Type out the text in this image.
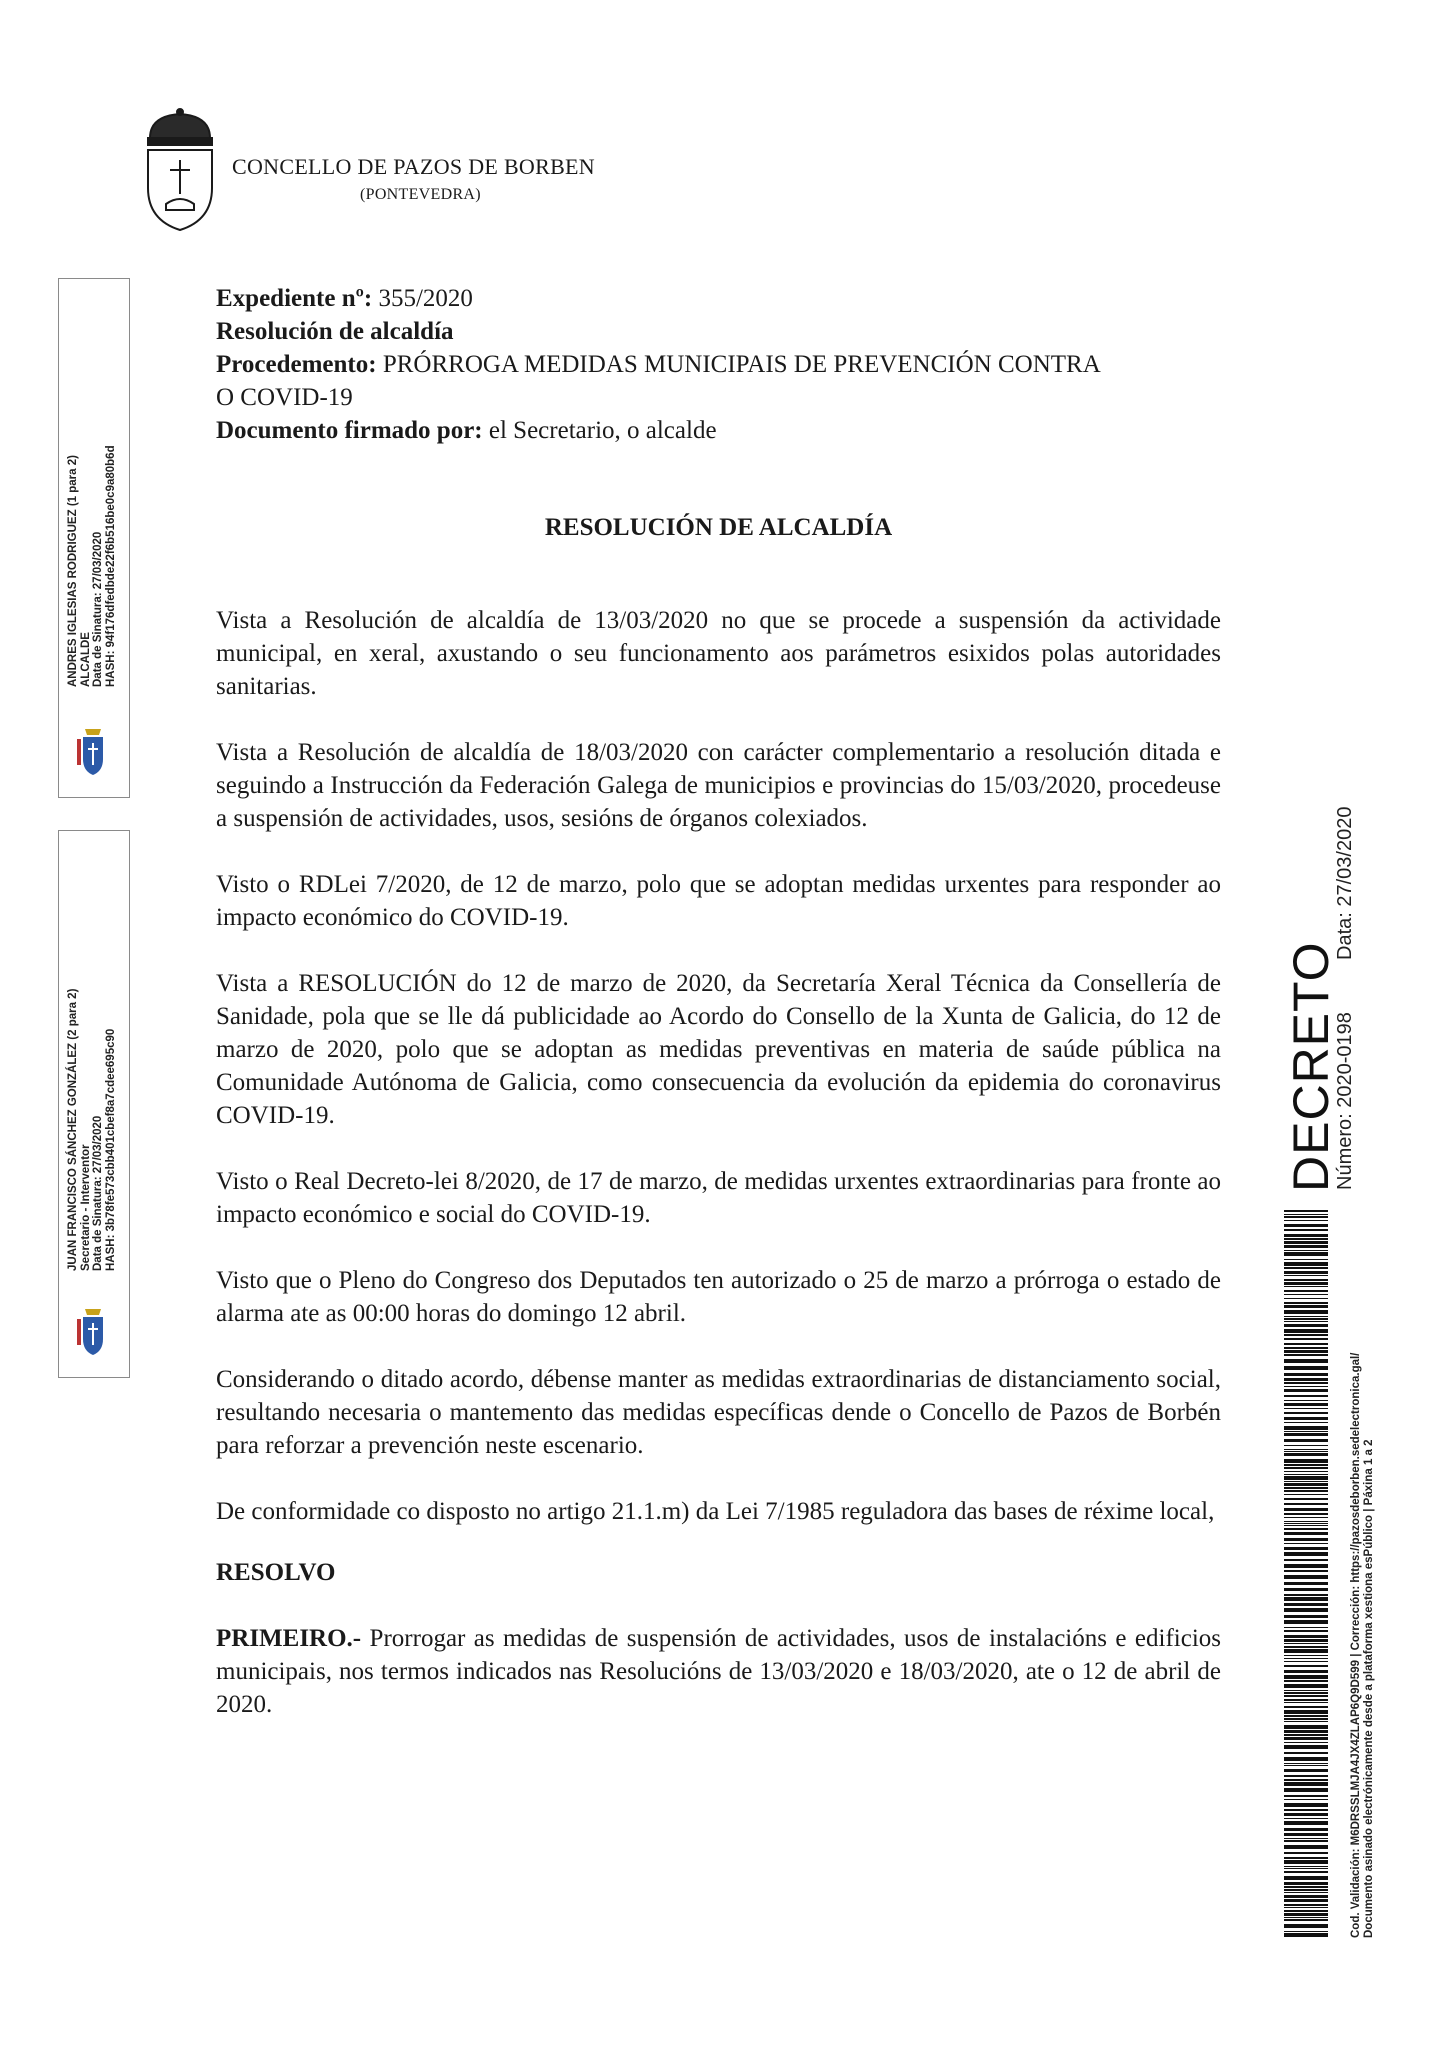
CONCELLO DE PAZOS DE BORBEN
(PONTEVEDRA)
Expediente nº: 355/2020
Resolución de alcaldía
Procedemento: PRÓRROGA MEDIDAS MUNICIPAIS DE PREVENCIÓN CONTRA
O COVID-19
Documento firmado por: el Secretario, o alcalde
RESOLUCIÓN DE ALCALDÍA

Vista a Resolución de alcaldía de 13/03/2020 no que se procede a suspensión da actividade municipal, en xeral, axustando o seu funcionamento aos parámetros esixidos polas autoridades sanitarias.

Vista a Resolución de alcaldía de 18/03/2020 con carácter complementario a resolución ditada e seguindo a Instrucción da Federación Galega de municipios e provincias do 15/03/2020, procedeuse a suspensión de actividades, usos, sesións de órganos colexiados.

Visto o RDLei 7/2020, de 12 de marzo, polo que se adoptan medidas urxentes para responder ao impacto económico do COVID-19.

Vista a RESOLUCIÓN do 12 de marzo de 2020, da Secretaría Xeral Técnica da Consellería de Sanidade, pola que se lle dá publicidade ao Acordo do Consello de la Xunta de Galicia, do 12 de marzo de 2020, polo que se adoptan as medidas preventivas en materia de saúde pública na Comunidade Autónoma de Galicia, como consecuencia da evolución da epidemia do coronavirus COVID-19.

Visto o Real Decreto-lei 8/2020, de 17 de marzo, de medidas urxentes extraordinarias para fronte ao impacto económico e social do COVID-19.

Visto que o Pleno do Congreso dos Deputados ten autorizado o 25 de marzo a prórroga o estado de alarma ate as 00:00 horas do domingo 12 abril.

Considerando o ditado acordo, débense manter as medidas extraordinarias de distanciamento social, resultando necesaria o mantemento das medidas específicas dende o Concello de Pazos de Borbén para reforzar a prevención neste escenario.

De conformidade co disposto no artigo 21.1.m) da Lei 7/1985 reguladora das bases de réxime local,

RESOLVO

PRIMEIRO.- Prorrogar as medidas de suspensión de actividades, usos de instalacións e edificios municipais, nos termos indicados nas Resolucións de 13/03/2020 e 18/03/2020, ate o 12 de abril de 2020.

ANDRES IGLESIAS RODRIGUEZ (1 para 2) ALCALDE Data de Sinatura: 27/03/2020 HASH: 94f176dfedbde22f6b516be0c9a80b6d
JUAN FRANCISCO SÁNCHEZ GONZÁLEZ (2 para 2) Secretario - Interventor Data de Sinatura: 27/03/2020 HASH: 3b78fe573cbb401cbef8a7cdee695c90	DECRETO
Número: 2020-0198
Data: 27/03/2020
Cod. Validación: M6DRSSLMJA4JX4ZLAP6Q9D599 | Corrección: https://pazosdeborben.sedelectronica.gal/ Documento asinado electrónicamente desde a plataforma xestiona esPúblico | Páxina 1 a 2
